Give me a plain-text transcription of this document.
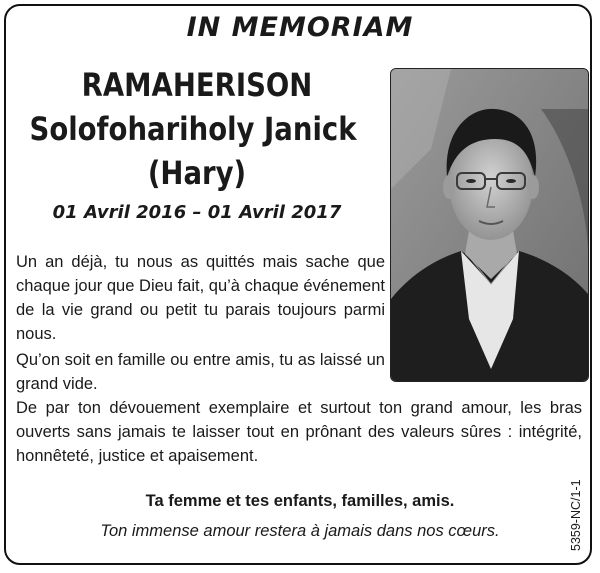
IN MEMORIAM
RAMAHERISON
Solofohariholy Janick
(Hary)
01 Avril 2016 – 01 Avril 2017
Un an déjà, tu nous as quittés mais sache que chaque jour que Dieu fait, qu’à chaque événement de la vie grand ou petit tu parais toujours parmi nous.
Qu’on soit en famille ou entre amis, tu as laissé un grand vide.
De par ton dévouement exemplaire et surtout ton grand amour, les bras ouverts sans jamais te laisser tout en prônant des valeurs sûres : intégrité, honnêteté, justice et apaisement.
Ta femme et tes enfants, familles, amis.
Ton immense amour restera à jamais dans nos cœurs.	5359-NC/1-1
